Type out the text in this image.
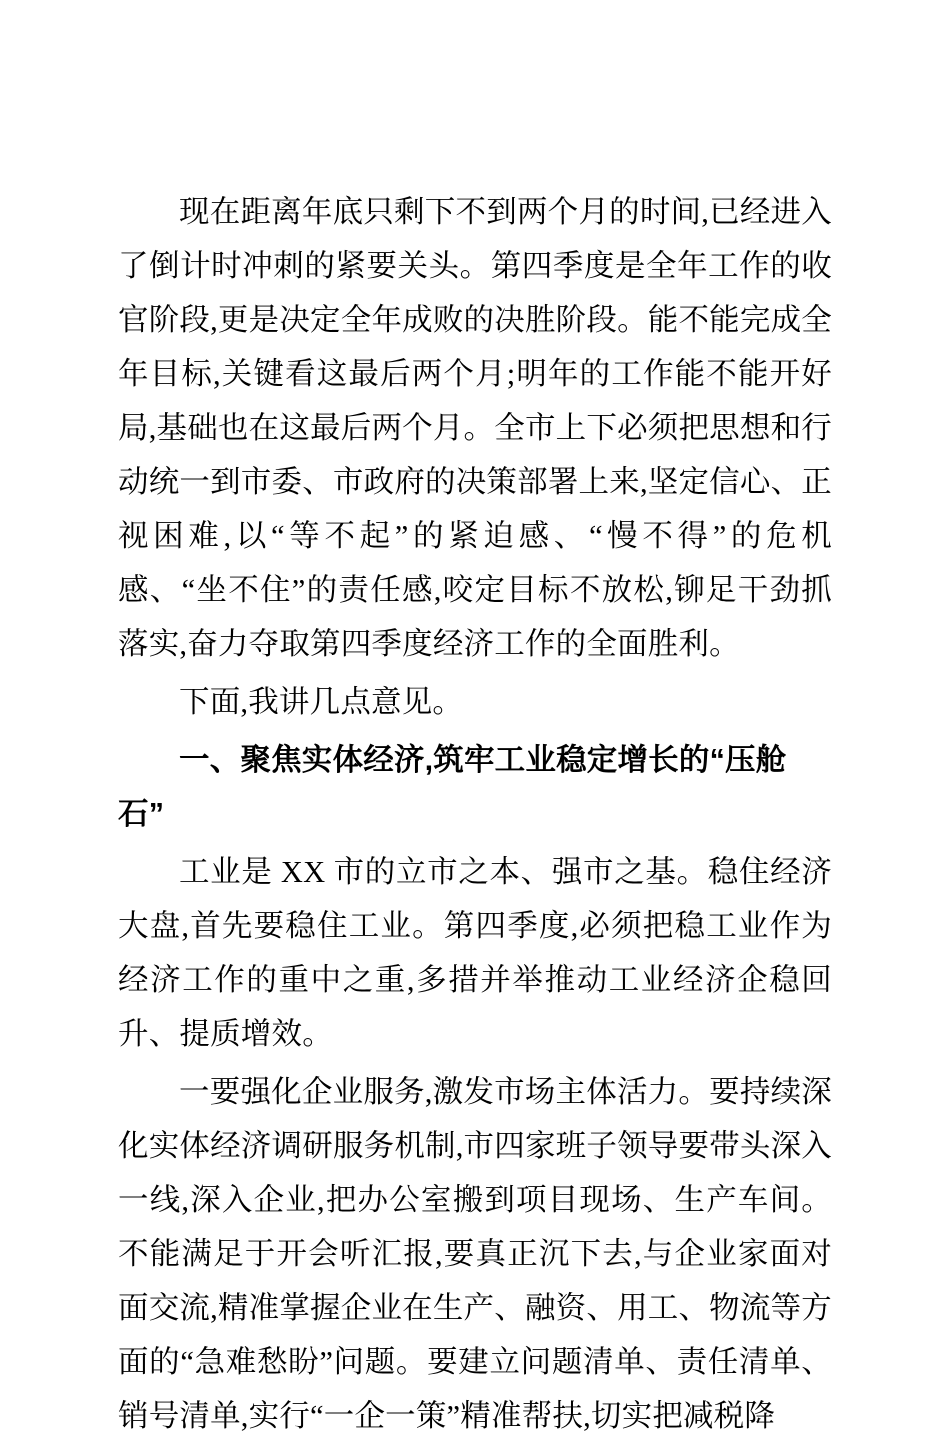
现在距离年底只剩下不到两个月的时间,已经进入了倒计时冲刺的紧要关头。第四季度是全年工作的收官阶段,更是决定全年成败的决胜阶段。能不能完成全年目标,关键看这最后两个月;明年的工作能不能开好局,基础也在这最后两个月。全市上下必须把思想和行动统一到市委、市政府的决策部署上来,坚定信心、正视困难,以“等不起”的紧迫感、“慢不得”的危机感、“坐不住”的责任感,咬定目标不放松,铆足干劲抓落实,奋力夺取第四季度经济工作的全面胜利。

下面,我讲几点意见。

一、聚焦实体经济,筑牢工业稳定增长的“压舱石”

工业是 XX 市的立市之本、强市之基。稳住经济大盘,首先要稳住工业。第四季度,必须把稳工业作为经济工作的重中之重,多措并举推动工业经济企稳回升、提质增效。

一要强化企业服务,激发市场主体活力。要持续深化实体经济调研服务机制,市四家班子领导要带头深入一线,深入企业,把办公室搬到项目现场、生产车间。不能满足于开会听汇报,要真正沉下去,与企业家面对面交流,精准掌握企业在生产、融资、用工、物流等方面的“急难愁盼”问题。要建立问题清单、责任清单、销号清单,实行“一企一策”精准帮扶,切实把减税降
